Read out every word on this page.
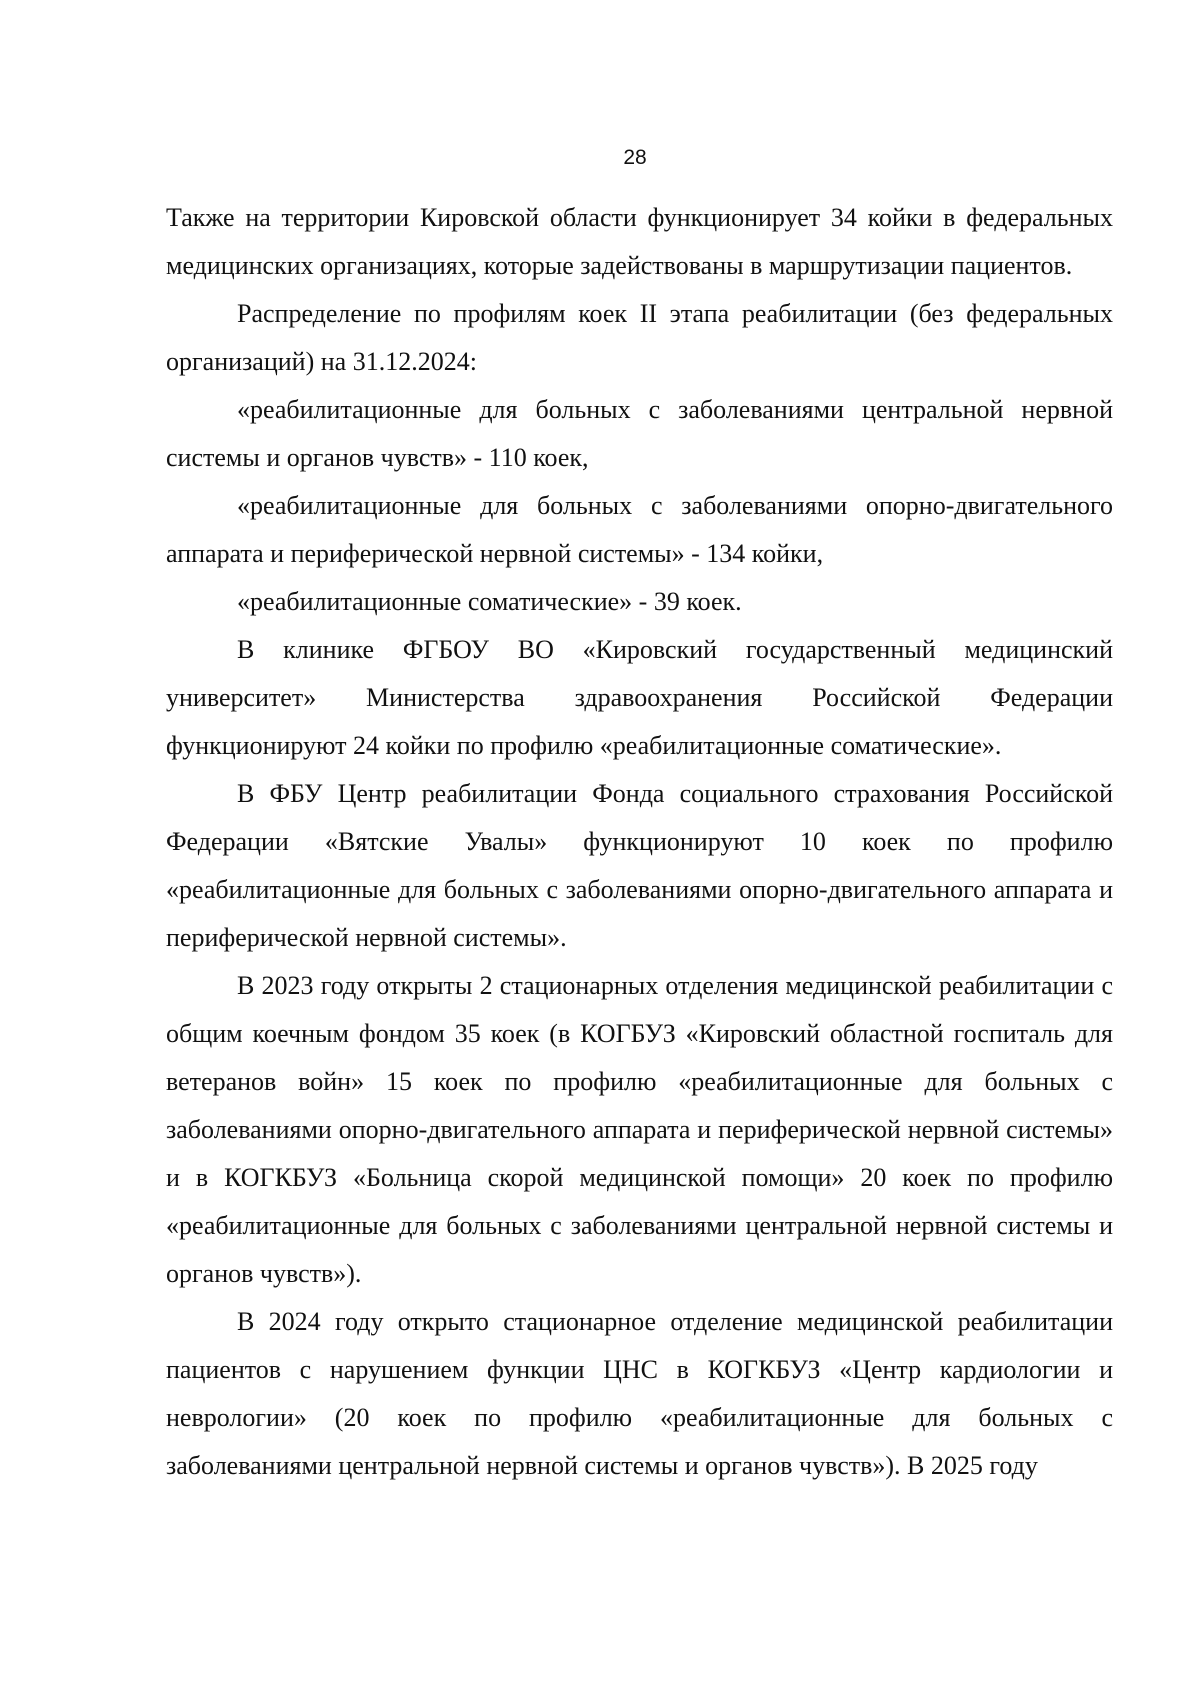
28

Также на территории Кировской области функционирует 34 койки в федеральных медицинских организациях, которые задействованы в маршрутизации пациентов.

Распределение по профилям коек II этапа реабилитации (без федеральных организаций) на 31.12.2024:

«реабилитационные для больных с заболеваниями центральной нервной системы и органов чувств» - 110 коек,

«реабилитационные для больных с заболеваниями опорно-двигательного аппарата и периферической нервной системы» - 134 койки,

«реабилитационные соматические» - 39 коек.

В клинике ФГБОУ ВО «Кировский государственный медицинский университет» Министерства здравоохранения Российской Федерации функционируют 24 койки по профилю «реабилитационные соматические».

В ФБУ Центр реабилитации Фонда социального страхования Российской Федерации «Вятские Увалы» функционируют 10 коек по профилю «реабилитационные для больных с заболеваниями опорно-двигательного аппарата и периферической нервной системы».

В 2023 году открыты 2 стационарных отделения медицинской реабилитации с общим коечным фондом 35 коек (в КОГБУЗ «Кировский областной госпиталь для ветеранов войн» 15 коек по профилю «реабилитационные для больных с заболеваниями опорно-двигательного аппарата и периферической нервной системы» и в КОГКБУЗ «Больница скорой медицинской помощи» 20 коек по профилю «реабилитационные для больных с заболеваниями центральной нервной системы и органов чувств»).

В 2024 году открыто стационарное отделение медицинской реабилитации пациентов с нарушением функции ЦНС в КОГКБУЗ «Центр кардиологии и неврологии» (20 коек по профилю «реабилитационные для больных с заболеваниями центральной нервной системы и органов чувств»). В 2025 году
